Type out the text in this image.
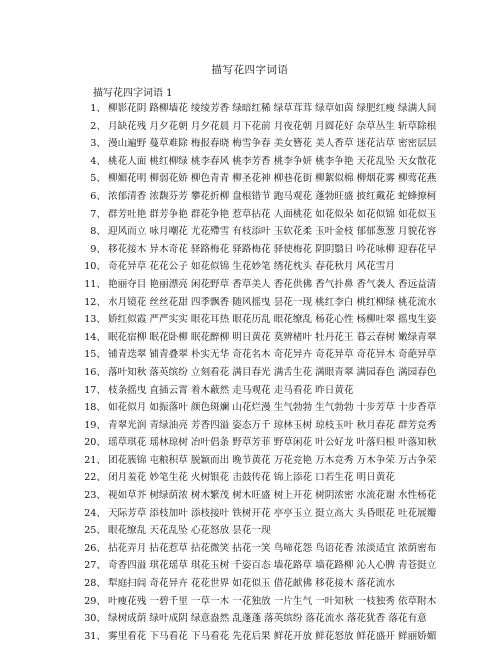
描写花四字词语
描写花四字词语 1
1、 柳影花阴 路柳墙花 绫绫芳香 绿暗红稀 绿草茸茸 绿草如茵 绿肥红瘦 绿满人间
2、 月缺花残 月夕花朝 月夕花晨 月下花前 月夜花朝 月圆花好 杂草丛生 斩草除根
3、 漫山遍野 蔓草难除 梅报春晓 梅雪争春 美女簪花 美人香草 迷花沾草 密密层层
4、 桃花人面 桃红柳绿 桃李春风 桃李芳香 桃李争妍 桃李争艳 天花乱坠 天女散花
5、 柳媚花明 柳弱花娇 柳色青青 柳圣花神 柳巷花街 柳絮似棉 柳烟花雾 柳莺花燕
6、 浓郁清香 浓馥芬芳 攀花折柳 盘根错节 跑马观花 蓬勃旺盛 披红戴花 蛇蜂撩柯
7、 群芳吐艳 群芳争艳 群花争艳 惹草拈花 人面桃花 如花似朵 如花似锦 如花似玉
8、 迎风而立 咏月嘲花 尤花殢雪 有枝添叶 玉软花柔 玉叶金枝 郁郁葱葱 月貌花容
9、 移花接木 异木奇花 驿路梅花 驿路梅花 驿使梅花 阴阴翳日 吟花咏柳 迎春花早
10、 奇花异草 花花公子 如花似锦 生花妙笔 绣花枕头 春花秋月 风花雪月
11、 艳丽夺目 艳丽漂亮 闲花野草 香草美人 香花供佛 香气扑鼻 香气袭人 香远益清
12、 水月镜花 丝丝花甜 四季飘香 随风摇曳 昙花一现 桃红李白 桃红柳绿 桃花流水
13、 娇红似霞 严严实实 眼花耳热 眼花历乱 眼花缭乱 杨花心性 杨柳吐翠 摇曳生姿
14、 眠花宿柳 眠花卧柳 眠花醉柳 明日黄花 莫辨楮叶 牡丹花王 暮云春树 嫩绿青翠
15、 铺青迭翠 铺青叠翠 朴实无华 奇花名木 奇花异卉 奇花异草 奇花异木 奇葩异草
16、 落叶知秋 落英缤纷 立刻看花 满目春光 满舌生花 满眼青翠 满园春色 满园春色
17、 枝条摇曳 直插云霄 着木蔽然 走马观花 走马看花 昨日黄花
18、 如花似月 如振落叶 颜色斑斓 山花烂漫 生气勃勃 生气勃勃 十步芳草 十步香草
19、 青翠光润 青绿油亮 芳香四溢 姿态万千 琼林玉树 琼枝玉叶 秋月春花 群芳竞秀
20、 瑶草琪花 瑶林琼树 冶叶倡条 野草芳菲 野草闲花 叶公好龙 叶落归根 叶落知秋
21、 团花簇锦 屯粮积草 脱颖而出 晚节黄花 万花竞艳 万木竞秀 万木争荣 万古争荣
22、 闭月羞花 妙笔生花 火树银花 击鼓传花 锦上添花 口若生花 明日黄花
23、 视如草芥 树绿荫浓 树木繁茂 树木旺盛 树上开花 树阴浓密 水流花谢 水性杨花
24、 天际芳草 添枝加叶 添枝接叶 铁树开花 亭亭玉立 挺立高大 头昏眼花 吐花展瓣
25、 眼花缭乱 天花乱坠 心花怒放 昙花一现
26、 拈花弄月 拈花惹草 拈花微笑 拈花一笑 鸟啼花怨 鸟语花香 浓淡适宜 浓荫密布
27、 奇香四溢 琪花瑶草 琪花玉树 千姿百态 墙花路草 墙花路柳 沁人心脾 青苍挺立
28、 犁庭扫闾 奇花异卉 花花世界 如花似玉 借花献佛 移花接木 落花流水
29、 叶瘦花残 一碧千里 一草一木 一花独放 一片生气 一叶知秋 一枝独秀 依草附木
30、 绿树成荫 绿叶成阴 绿意盎然 乱蓬蓬 落英缤纷 落花流水 落花犹香 落花有意
31、 雾里看花 下马看花 下马看花 先花后果 鲜花开放 鲜花怒放 鲜花盛开 鲜丽娇媚
